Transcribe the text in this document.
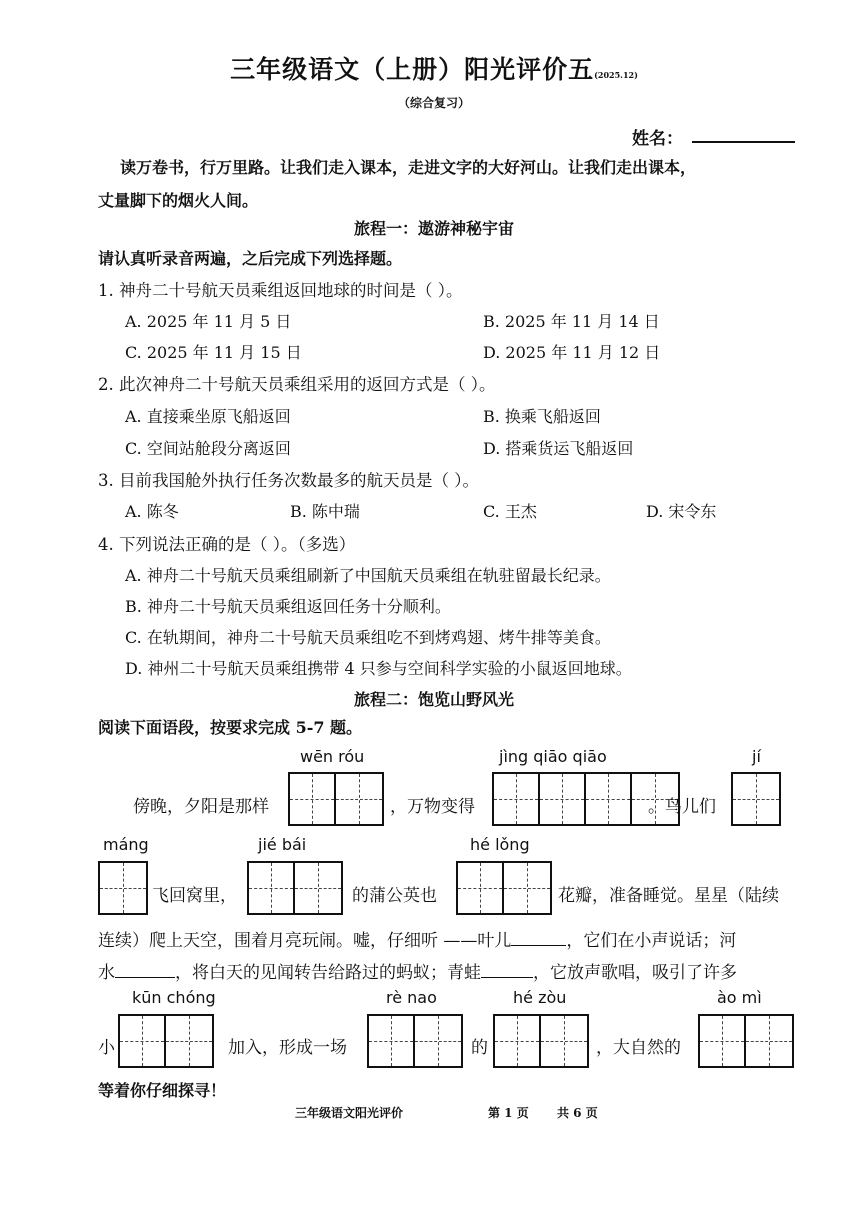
三年级语文（上册）阳光评价五(2025.12)
（综合复习）
姓名：
读万卷书，行万里路。让我们走入课本，走进文字的大好河山。让我们走出课本，
丈量脚下的烟火人间。
旅程一：遨游神秘宇宙
请认真听录音两遍，之后完成下列选择题。
1. 神舟二十号航天员乘组返回地球的时间是（ ）。
A. 2025 年 11 月 5 日	B. 2025 年 11 月 14 日
C. 2025 年 11 月 15 日	D. 2025 年 11 月 12 日
2. 此次神舟二十号航天员乘组采用的返回方式是（ ）。
A. 直接乘坐原飞船返回	B. 换乘飞船返回
C. 空间站舱段分离返回	D. 搭乘货运飞船返回
3. 目前我国舱外执行任务次数最多的航天员是（ ）。
A. 陈冬	B. 陈中瑞	C. 王杰	D. 宋令东
4. 下列说法正确的是（ ）。（多选）
A. 神舟二十号航天员乘组刷新了中国航天员乘组在轨驻留最长纪录。
B. 神舟二十号航天员乘组返回任务十分顺利。
C. 在轨期间，神舟二十号航天员乘组吃不到烤鸡翅、烤牛排等美食。
D. 神州二十号航天员乘组携带 4 只参与空间科学实验的小鼠返回地球。
旅程二：饱览山野风光
阅读下面语段，按要求完成 5-7 题。
wēn róu	jìng qiāo qiāo	jí
傍晚，夕阳是那样	，万物变得	。鸟儿们
máng	jié bái	hé lǒng
飞回窝里，	的蒲公英也	花瓣，准备睡觉。星星（陆续
连续）爬上天空，围着月亮玩闹。嘘，仔细听 ——叶儿	，它们在小声说话；河
水	，将白天的见闻转告给路过的蚂蚁；青蛙	，它放声歌唱，吸引了许多
kūn chóng	rè nao	hé zòu	ào mì
小	加入，形成一场	的	，大自然的
等着你仔细探寻！
三年级语文阳光评价	第 1 页 共 6 页
